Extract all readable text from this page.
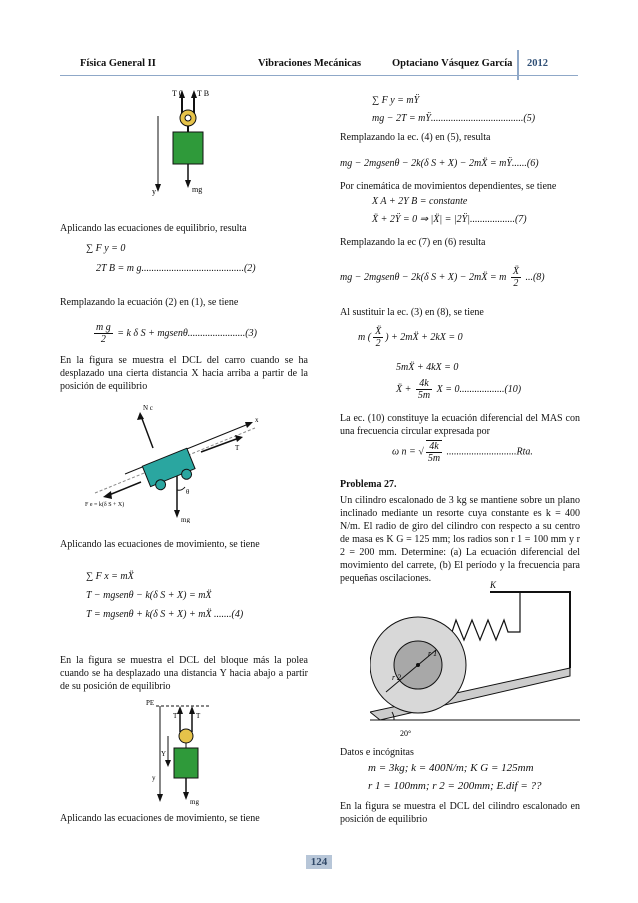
Física General II	Vibraciones Mecánicas	Optaciano Vásquez García 2012
T 0 T B
y	mg
Aplicando las ecuaciones de equilibrio, resulta
∑ F y = 0
2T B = m g.........................................(2)
Remplazando la ecuación (2) en (1), se tiene
$\frac{\text{m g}}{2} = k$ δ S + mgsenθ.......................(3)
En la figura se muestra el DCL del carro cuando se ha desplazado una cierta distancia X hacia arriba a partir de la posición de equilibrio
N c
T
x
θ
F e = k(δ S + X)
mg
Aplicando las ecuaciones de movimiento, se tiene
∑ F x = mẌ
T − mgsenθ − k(δ S + X) = mẌ
T = mgsenθ + k(δ S + X) + mẌ .......(4)
En la figura se muestra el DCL del bloque más la polea cuando se ha desplazado una distancia Y hacia abajo a partir de su posición de equilibrio
PE
T	T
y
Y
mg
Aplicando las ecuaciones de movimiento, se tiene
∑ F y = mŸ
mg − 2T = mŸ.....................................(5)
Remplazando la ec. (4) en (5), resulta
mg − 2mgsenθ − 2k(δ S + X) − 2mẌ = mŸ......(6)
Por cinemática de movimientos dependientes, se tiene
X A + 2Y B = constante
Ẍ + 2Ÿ = 0 ⇒ |Ẍ| = |2Ÿ|..................(7)
Remplazando la ec (7) en (6) resulta
mg − 2mgsenθ − 2k(δ S + X) − 2mẌ = m $\frac{\text{Ẍ}}{2} ...(8)$
Al sustituir la ec. (3) en (8), se tiene
m ( $\frac{\text{Ẍ}}{2}$ ) + 2mẌ + 2kX = 0
5mẌ + 4kX = 0
Ẍ + $\frac{4k}{5m}$ X = 0..................(10)
La ec. (10) constituye la ecuación diferencial del MAS con una frecuencia circular expresada por
ω n = √ $\frac{4k}{5m} ............................Rta$.
Problema 27.
Un cilindro escalonado de 3 kg se mantiene sobre un plano inclinado mediante un resorte cuya constante es k = 400 N/m. El radio de giro del cilindro con respecto a su centro de masa es K G = 125 mm; los radios son r 1 = 100 mm y r 2 = 200 mm. Determine: (a) La ecuación diferencial del movimiento del carrete, (b) El período y la frecuencia para pequeñas oscilaciones.
K
r 1
r 2
20°
Datos e incógnitas
m = 3kg; k = 400N/m; K G = 125mm
r 1 = 100mm; r 2 = 200mm; E.dif = ??
En la figura se muestra el DCL del cilindro escalonado en posición de equilibrio
124
